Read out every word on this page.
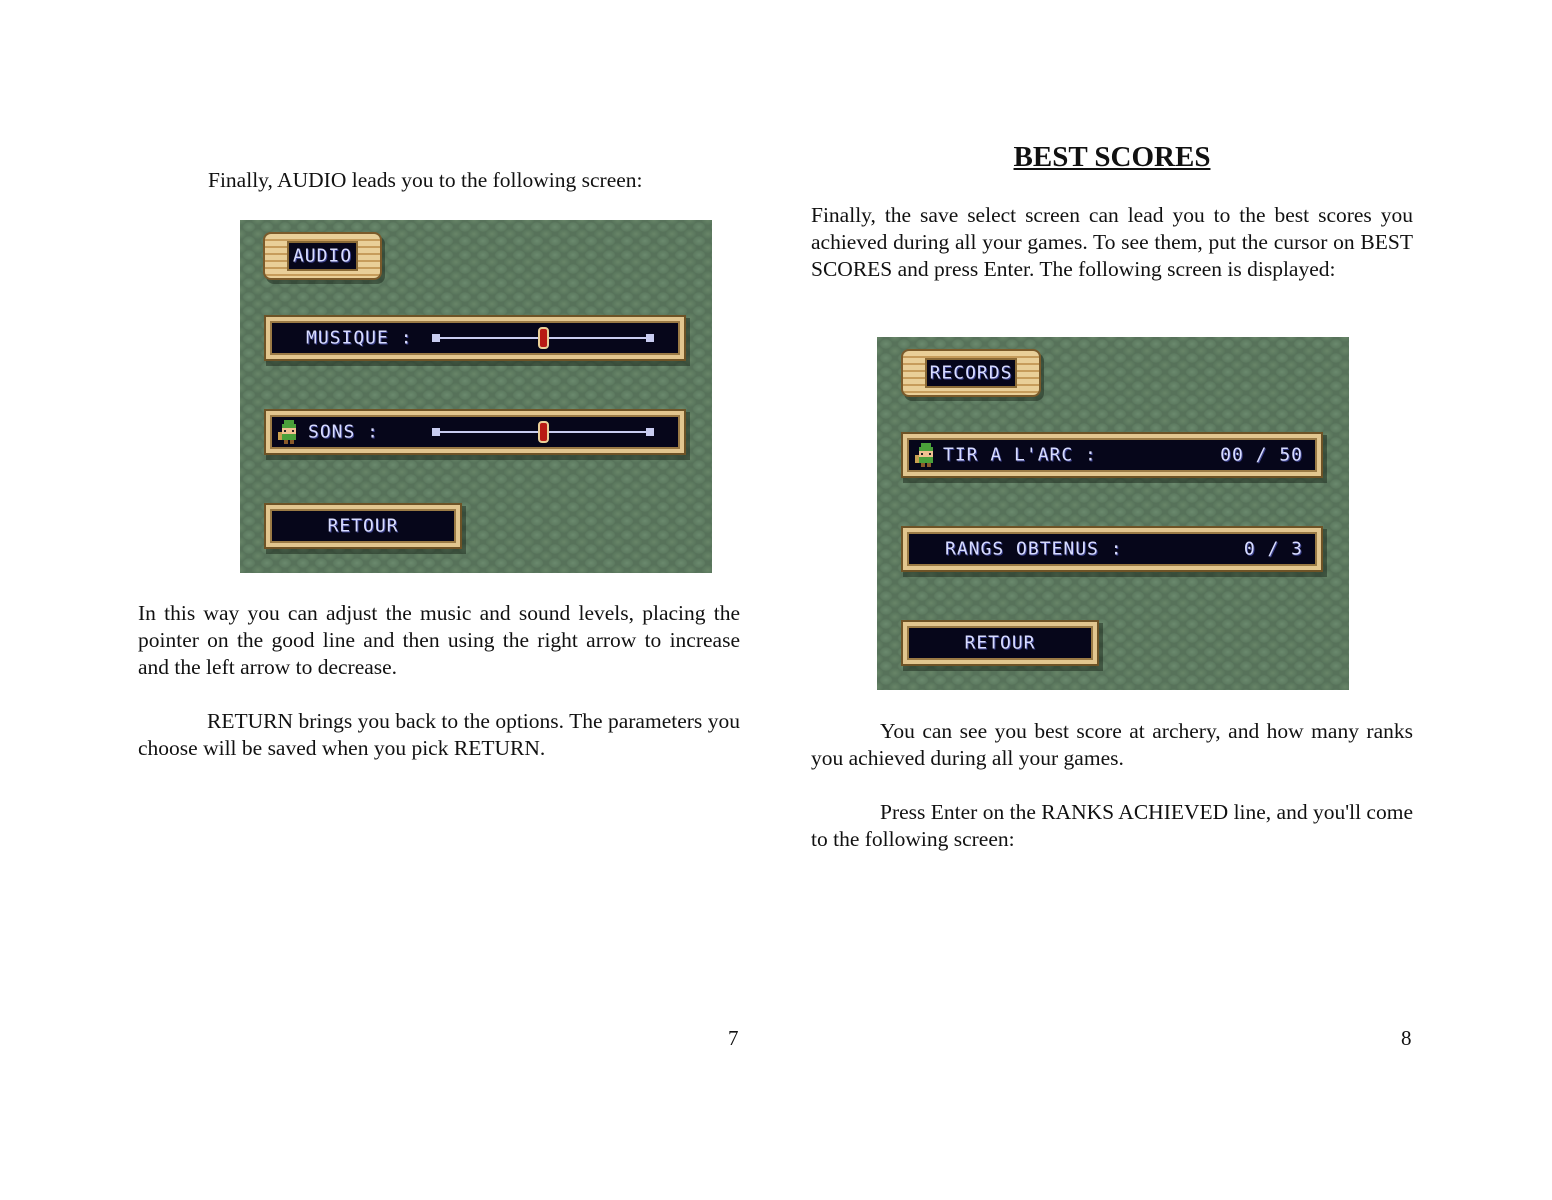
Finally, AUDIO leads you to the following screen:

AUDIO
MUSIQUE :
SONS :
RETOUR

In this way you can adjust the music and sound levels, placing the pointer on the good line and then using the right arrow to increase and the left arrow to decrease.

RETURN brings you back to the options. The parameters you choose will be saved when you pick RETURN.

7
BEST SCORES

Finally, the save select screen can lead you to the best scores you achieved during all your games. To see them, put the cursor on BEST SCORES and press Enter. The following screen is displayed:

RECORDS
TIR A L'ARC :	00 / 50
RANGS OBTENUS :	0 / 3
RETOUR

You can see you best score at archery, and how many ranks you achieved during all your games.

Press Enter on the RANKS ACHIEVED line, and you'll come to the following screen:

8
